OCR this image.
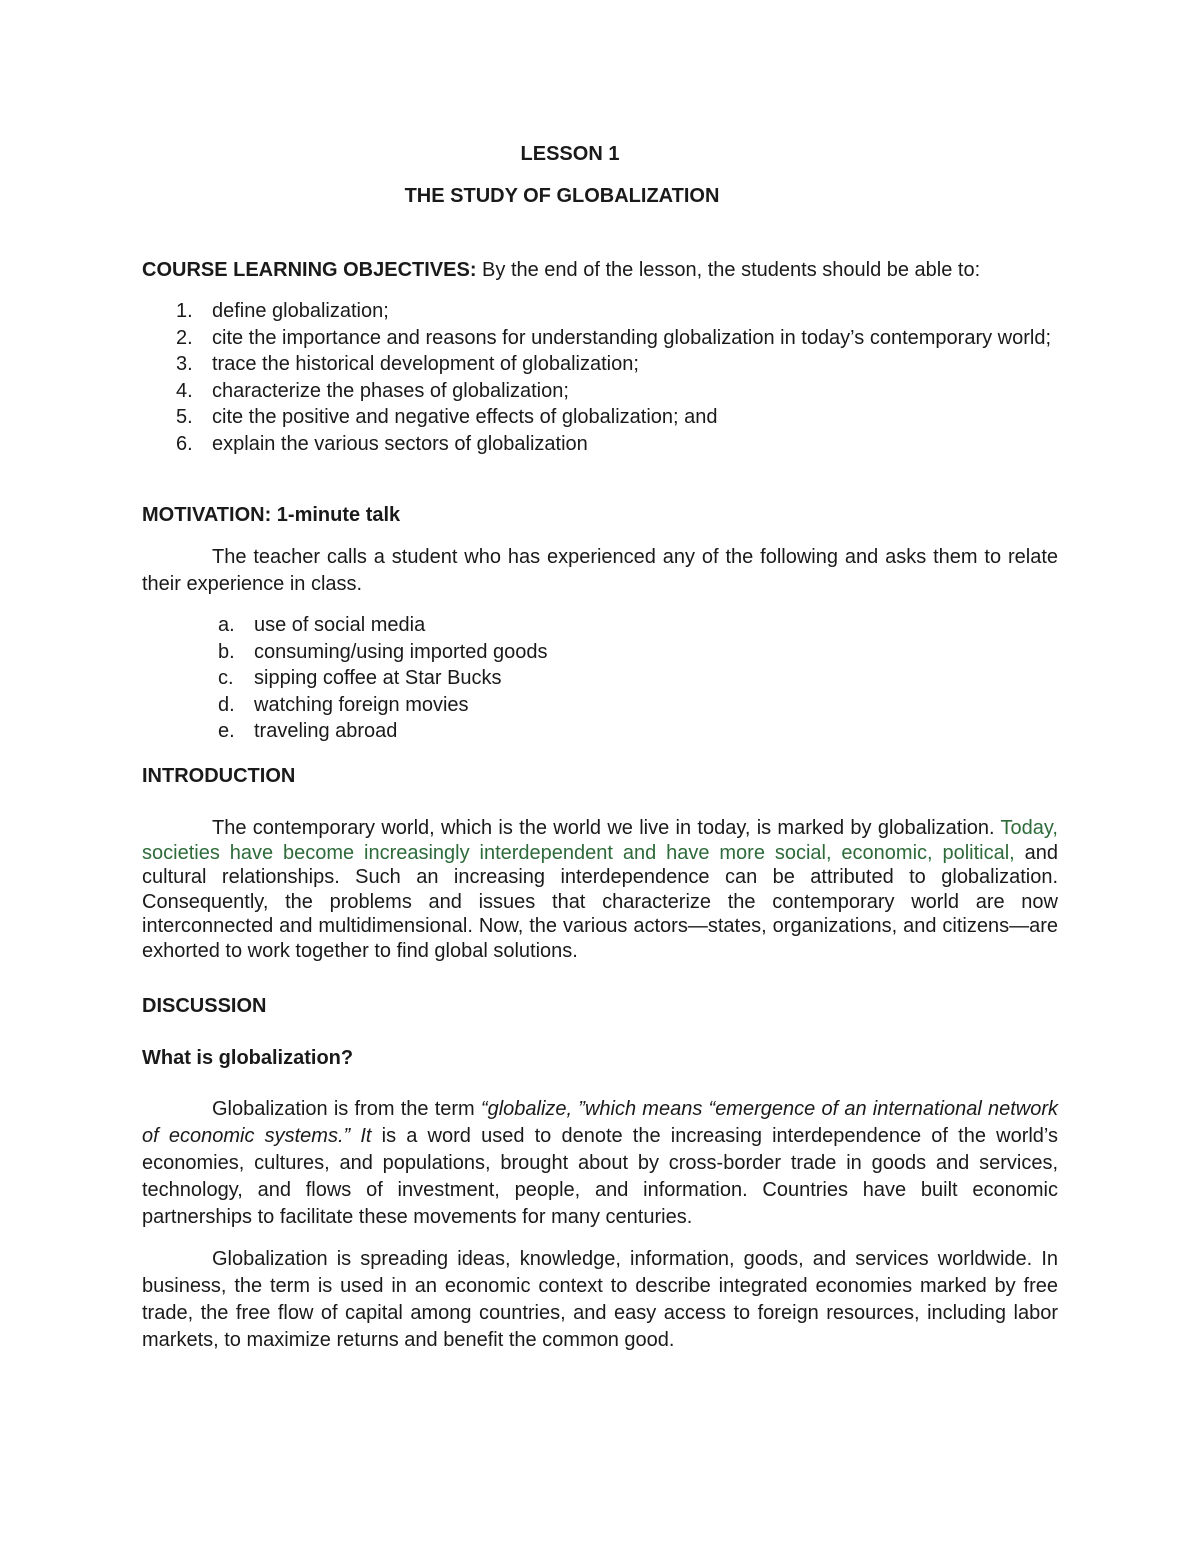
LESSON 1
THE STUDY OF GLOBALIZATION
COURSE LEARNING OBJECTIVES: By the end of the lesson, the students should be able to:
1. define globalization;
2. cite the importance and reasons for understanding globalization in today’s contemporary world;
3. trace the historical development of globalization;
4. characterize the phases of globalization;
5. cite the positive and negative effects of globalization; and
6. explain the various sectors of globalization
MOTIVATION: 1-minute talk

The teacher calls a student who has experienced any of the following and asks them to relate their experience in class.

a. use of social media
b. consuming/using imported goods
c. sipping coffee at Star Bucks
d. watching foreign movies
e. traveling abroad
INTRODUCTION

The contemporary world, which is the world we live in today, is marked by globalization. Today, societies have become increasingly interdependent and have more social, economic, political, and cultural relationships. Such an increasing interdependence can be attributed to globalization. Consequently, the problems and issues that characterize the contemporary world are now interconnected and multidimensional. Now, the various actors—states, organizations, and citizens—are exhorted to work together to find global solutions.

DISCUSSION
What is globalization?

Globalization is from the term “globalize, ”which means “emergence of an international network of economic systems.” It is a word used to denote the increasing interdependence of the world’s economies, cultures, and populations, brought about by cross-border trade in goods and services, technology, and flows of investment, people, and information. Countries have built economic partnerships to facilitate these movements for many centuries.

Globalization is spreading ideas, knowledge, information, goods, and services worldwide. In business, the term is used in an economic context to describe integrated economies marked by free trade, the free flow of capital among countries, and easy access to foreign resources, including labor markets, to maximize returns and benefit the common good.
